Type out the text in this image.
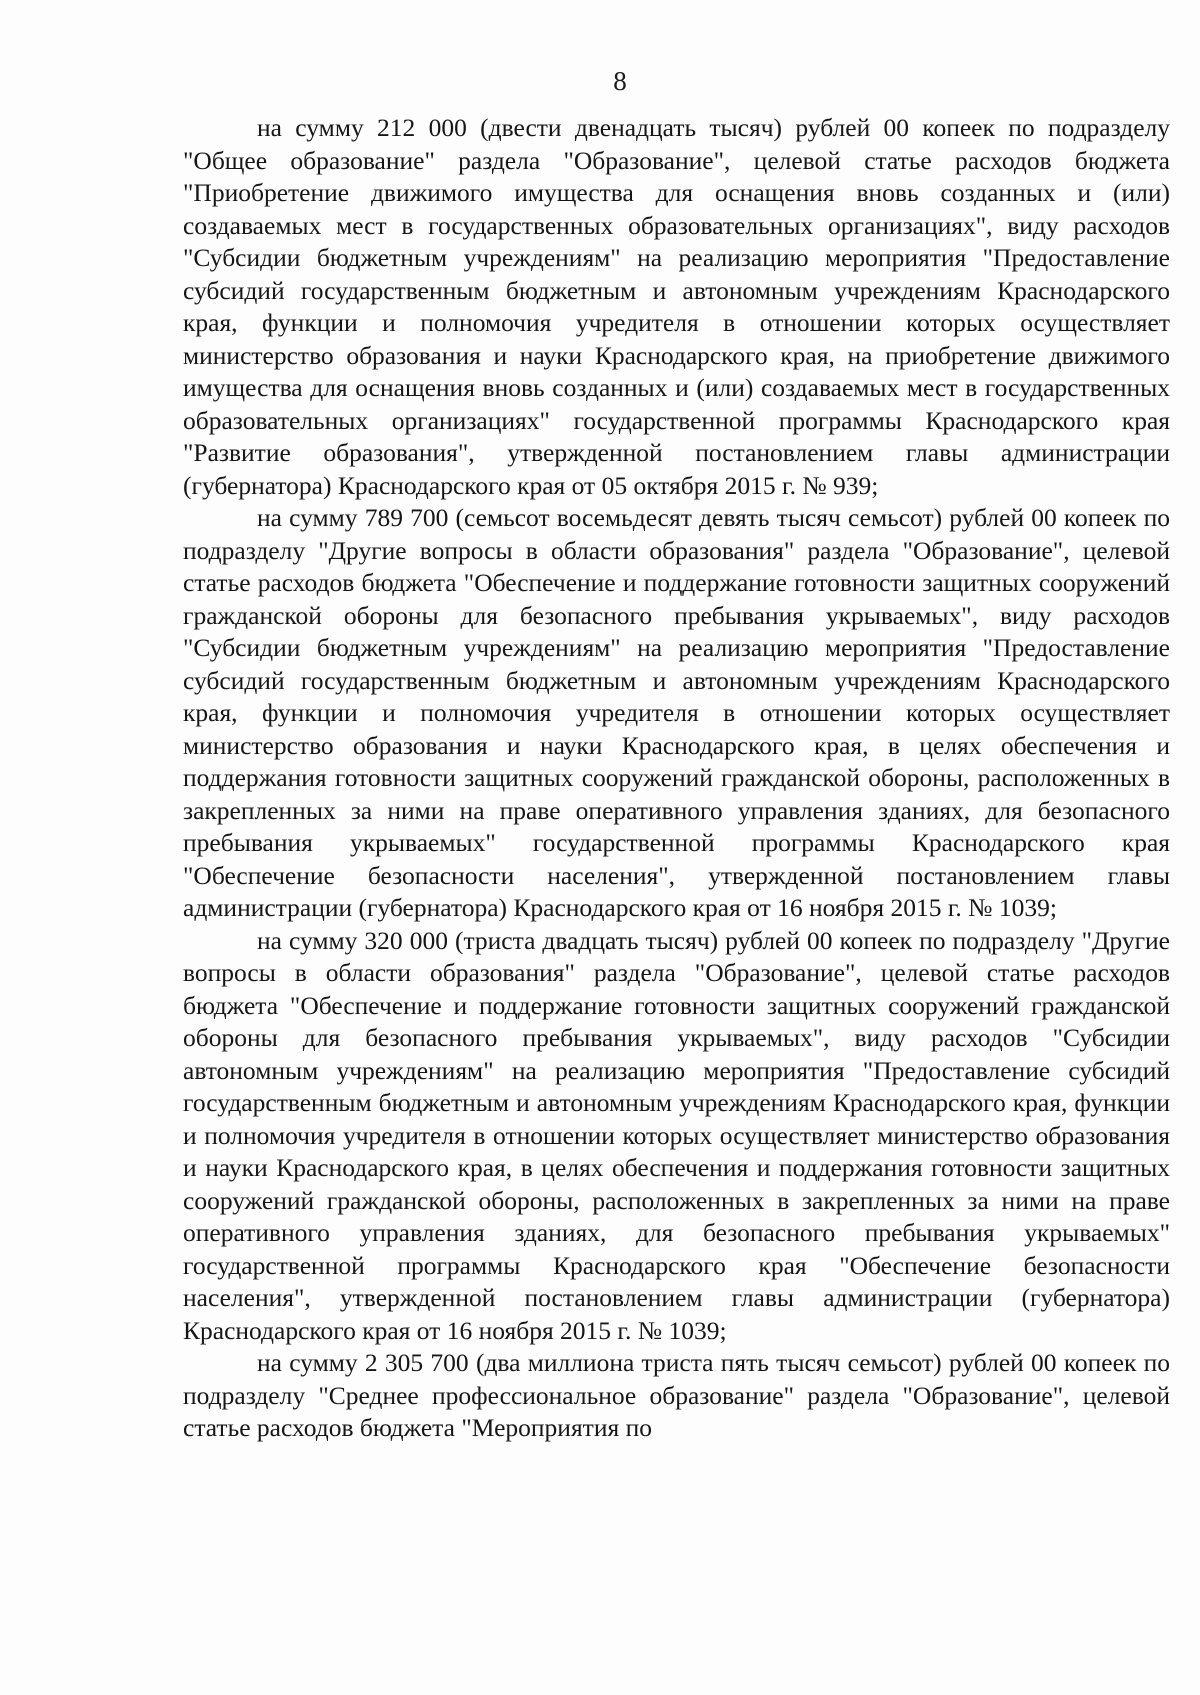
8

на сумму 212 000 (двести двенадцать тысяч) рублей 00 копеек по подразделу "Общее образование" раздела "Образование", целевой статье расходов бюджета "Приобретение движимого имущества для оснащения вновь созданных и (или) создаваемых мест в государственных образовательных организациях", виду расходов "Субсидии бюджетным учреждениям" на реализацию мероприятия "Предоставление субсидий государственным бюджетным и автономным учреждениям Краснодарского края, функции и полномочия учредителя в отношении которых осуществляет министерство образования и науки Краснодарского края, на приобретение движимого имущества для оснащения вновь созданных и (или) создаваемых мест в государственных образовательных организациях" государственной программы Краснодарского края "Развитие образования", утвержденной постановлением главы администрации (губернатора) Краснодарского края от 05 октября 2015 г. № 939;

на сумму 789 700 (семьсот восемьдесят девять тысяч семьсот) рублей 00 копеек по подразделу "Другие вопросы в области образования" раздела "Образование", целевой статье расходов бюджета "Обеспечение и поддержание готовности защитных сооружений гражданской обороны для безопасного пребывания укрываемых", виду расходов "Субсидии бюджетным учреждениям" на реализацию мероприятия "Предоставление субсидий государственным бюджетным и автономным учреждениям Краснодарского края, функции и полномочия учредителя в отношении которых осуществляет министерство образования и науки Краснодарского края, в целях обеспечения и поддержания готовности защитных сооружений гражданской обороны, расположенных в закрепленных за ними на праве оперативного управления зданиях, для безопасного пребывания укрываемых" государственной программы Краснодарского края "Обеспечение безопасности населения", утвержденной постановлением главы администрации (губернатора) Краснодарского края от 16 ноября 2015 г. № 1039;

на сумму 320 000 (триста двадцать тысяч) рублей 00 копеек по подразделу "Другие вопросы в области образования" раздела "Образование", целевой статье расходов бюджета "Обеспечение и поддержание готовности защитных сооружений гражданской обороны для безопасного пребывания укрываемых", виду расходов "Субсидии автономным учреждениям" на реализацию мероприятия "Предоставление субсидий государственным бюджетным и автономным учреждениям Краснодарского края, функции и полномочия учредителя в отношении которых осуществляет министерство образования и науки Краснодарского края, в целях обеспечения и поддержания готовности защитных сооружений гражданской обороны, расположенных в закрепленных за ними на праве оперативного управления зданиях, для безопасного пребывания укрываемых" государственной программы Краснодарского края "Обеспечение безопасности населения", утвержденной постановлением главы администрации (губернатора) Краснодарского края от 16 ноября 2015 г. № 1039;

на сумму 2 305 700 (два миллиона триста пять тысяч семьсот) рублей 00 копеек по подразделу "Среднее профессиональное образование" раздела "Образование", целевой статье расходов бюджета "Мероприятия по
